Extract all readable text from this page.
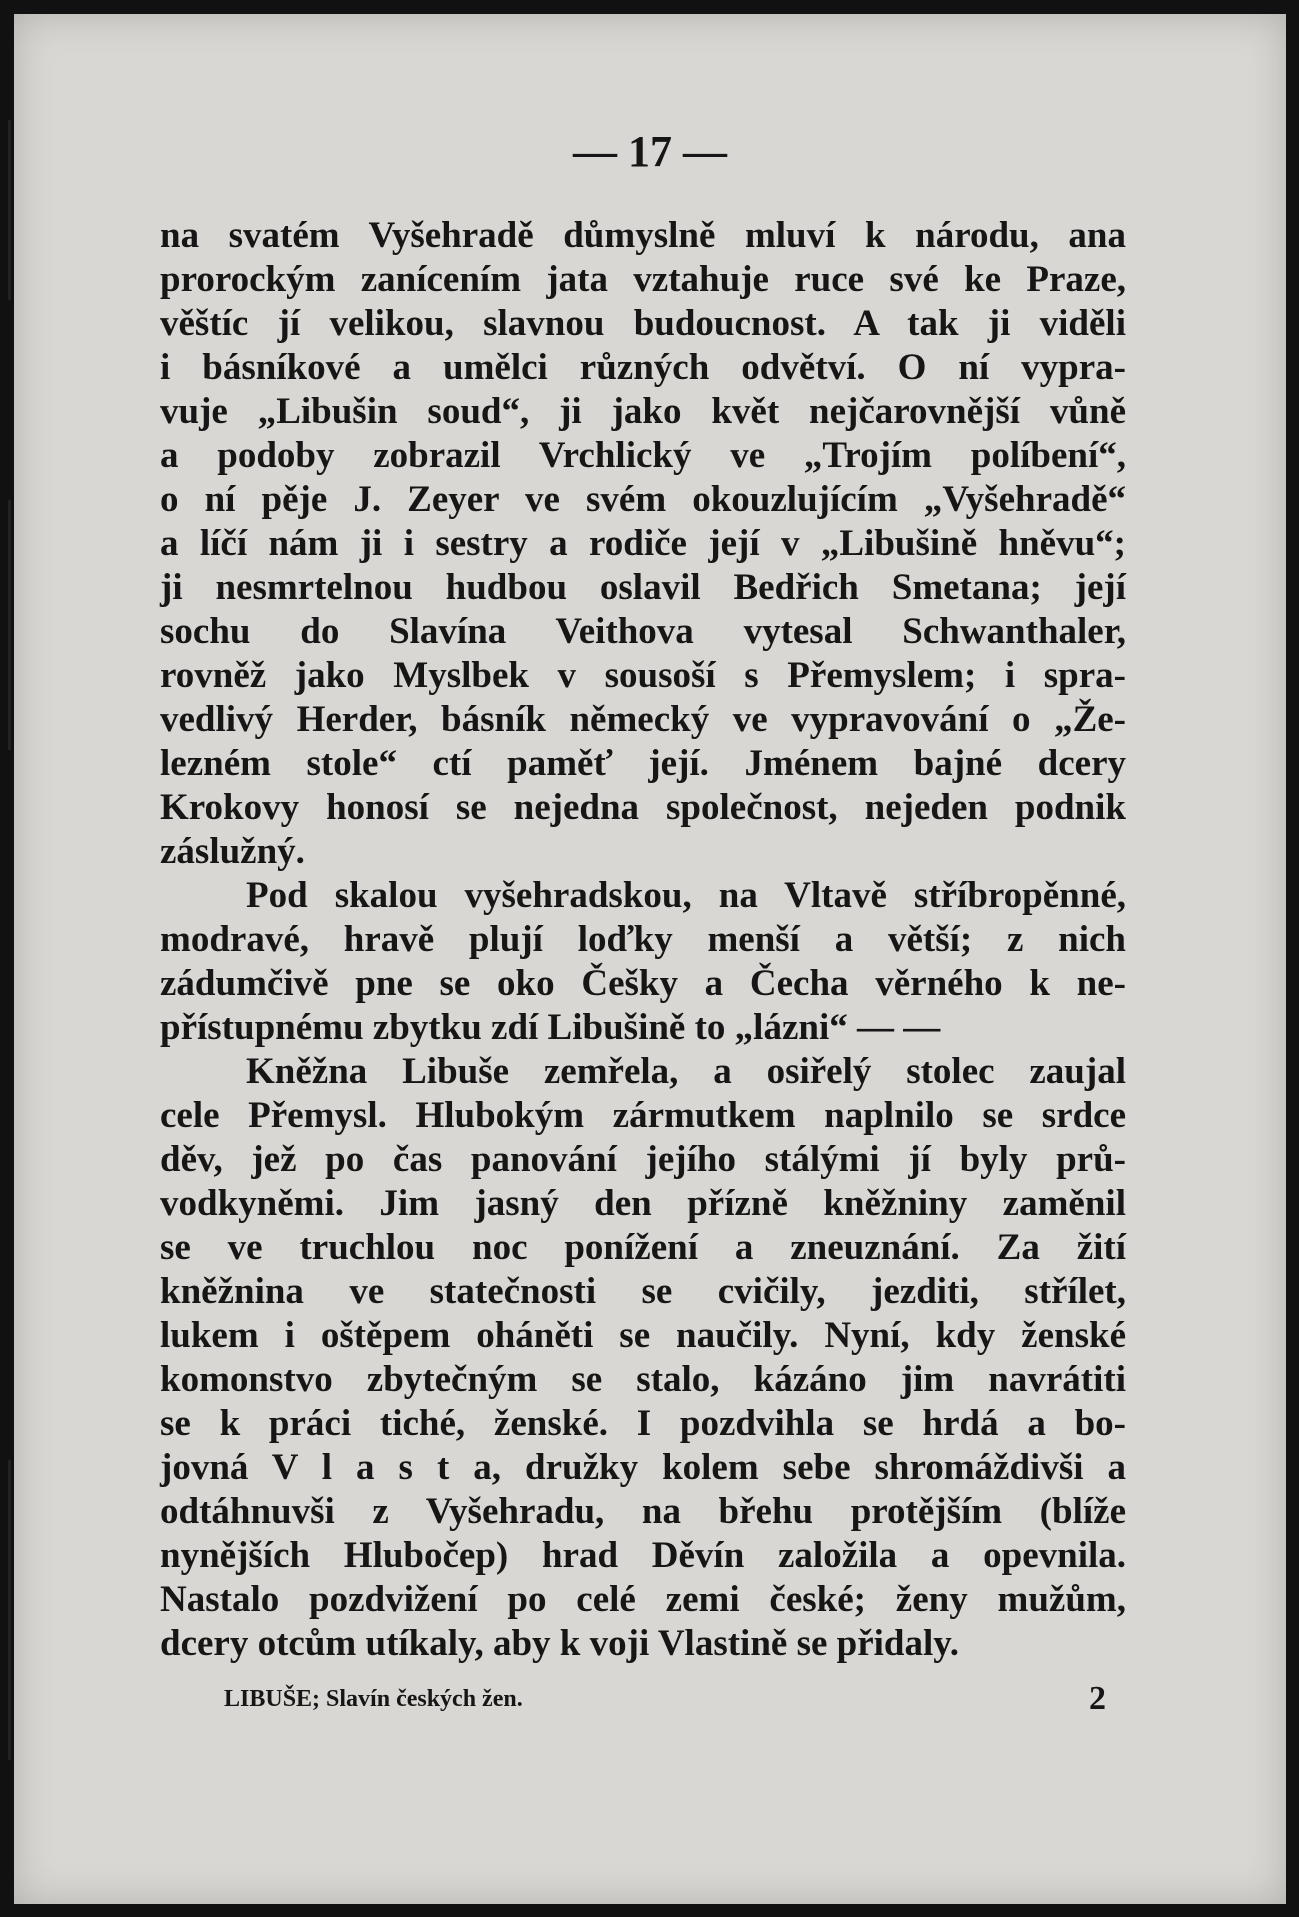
— 17 —
na svatém Vyšehradě důmyslně mluví k národu, ana
prorockým zanícením jata vztahuje ruce své ke Praze,
věštíc jí velikou, slavnou budoucnost. A tak ji viděli
i básníkové a umělci různých odvětví. O ní vypra-
vuje „Libušin soud“, ji jako květ nejčarovnější vůně
a podoby zobrazil Vrchlický ve „Trojím políbení“,
o ní pěje J. Zeyer ve svém okouzlujícím „Vyšehradě“
a líčí nám ji i sestry a rodiče její v „Libušině hněvu“;
ji nesmrtelnou hudbou oslavil Bedřich Smetana; její
sochu do Slavína Veithova vytesal Schwanthaler,
rovněž jako Myslbek v sousoší s Přemyslem; i spra-
vedlivý Herder, básník německý ve vypravování o „Že-
lezném stole“ ctí paměť její. Jménem bajné dcery
Krokovy honosí se nejedna společnost, nejeden podnik
záslužný.
Pod skalou vyšehradskou, na Vltavě stříbropěnné,
modravé, hravě plují loďky menší a větší; z nich
zádumčivě pne se oko Češky a Čecha věrného k ne-
přístupnému zbytku zdí Libušině to „lázni“ — —
Kněžna Libuše zemřela, a osiřelý stolec zaujal
cele Přemysl. Hlubokým zármutkem naplnilo se srdce
děv, jež po čas panování jejího stálými jí byly prů-
vodkyněmi. Jim jasný den přízně kněžniny zaměnil
se ve truchlou noc ponížení a zneuznání. Za žití
kněžnina ve statečnosti se cvičily, jezditi, střílet,
lukem i oštěpem oháněti se naučily. Nyní, kdy ženské
komonstvo zbytečným se stalo, kázáno jim navrátiti
se k práci tiché, ženské. I pozdvihla se hrdá a bo-
jovná V l a s t a, družky kolem sebe shromáždivši a
odtáhnuvši z Vyšehradu, na břehu protějším (blíže
nynějších Hlubočep) hrad Děvín založila a opevnila.
Nastalo pozdvižení po celé zemi české; ženy mužům,
dcery otcům utíkaly, aby k voji Vlastině se přidaly.
LIBUŠE; Slavín českých žen.	2
